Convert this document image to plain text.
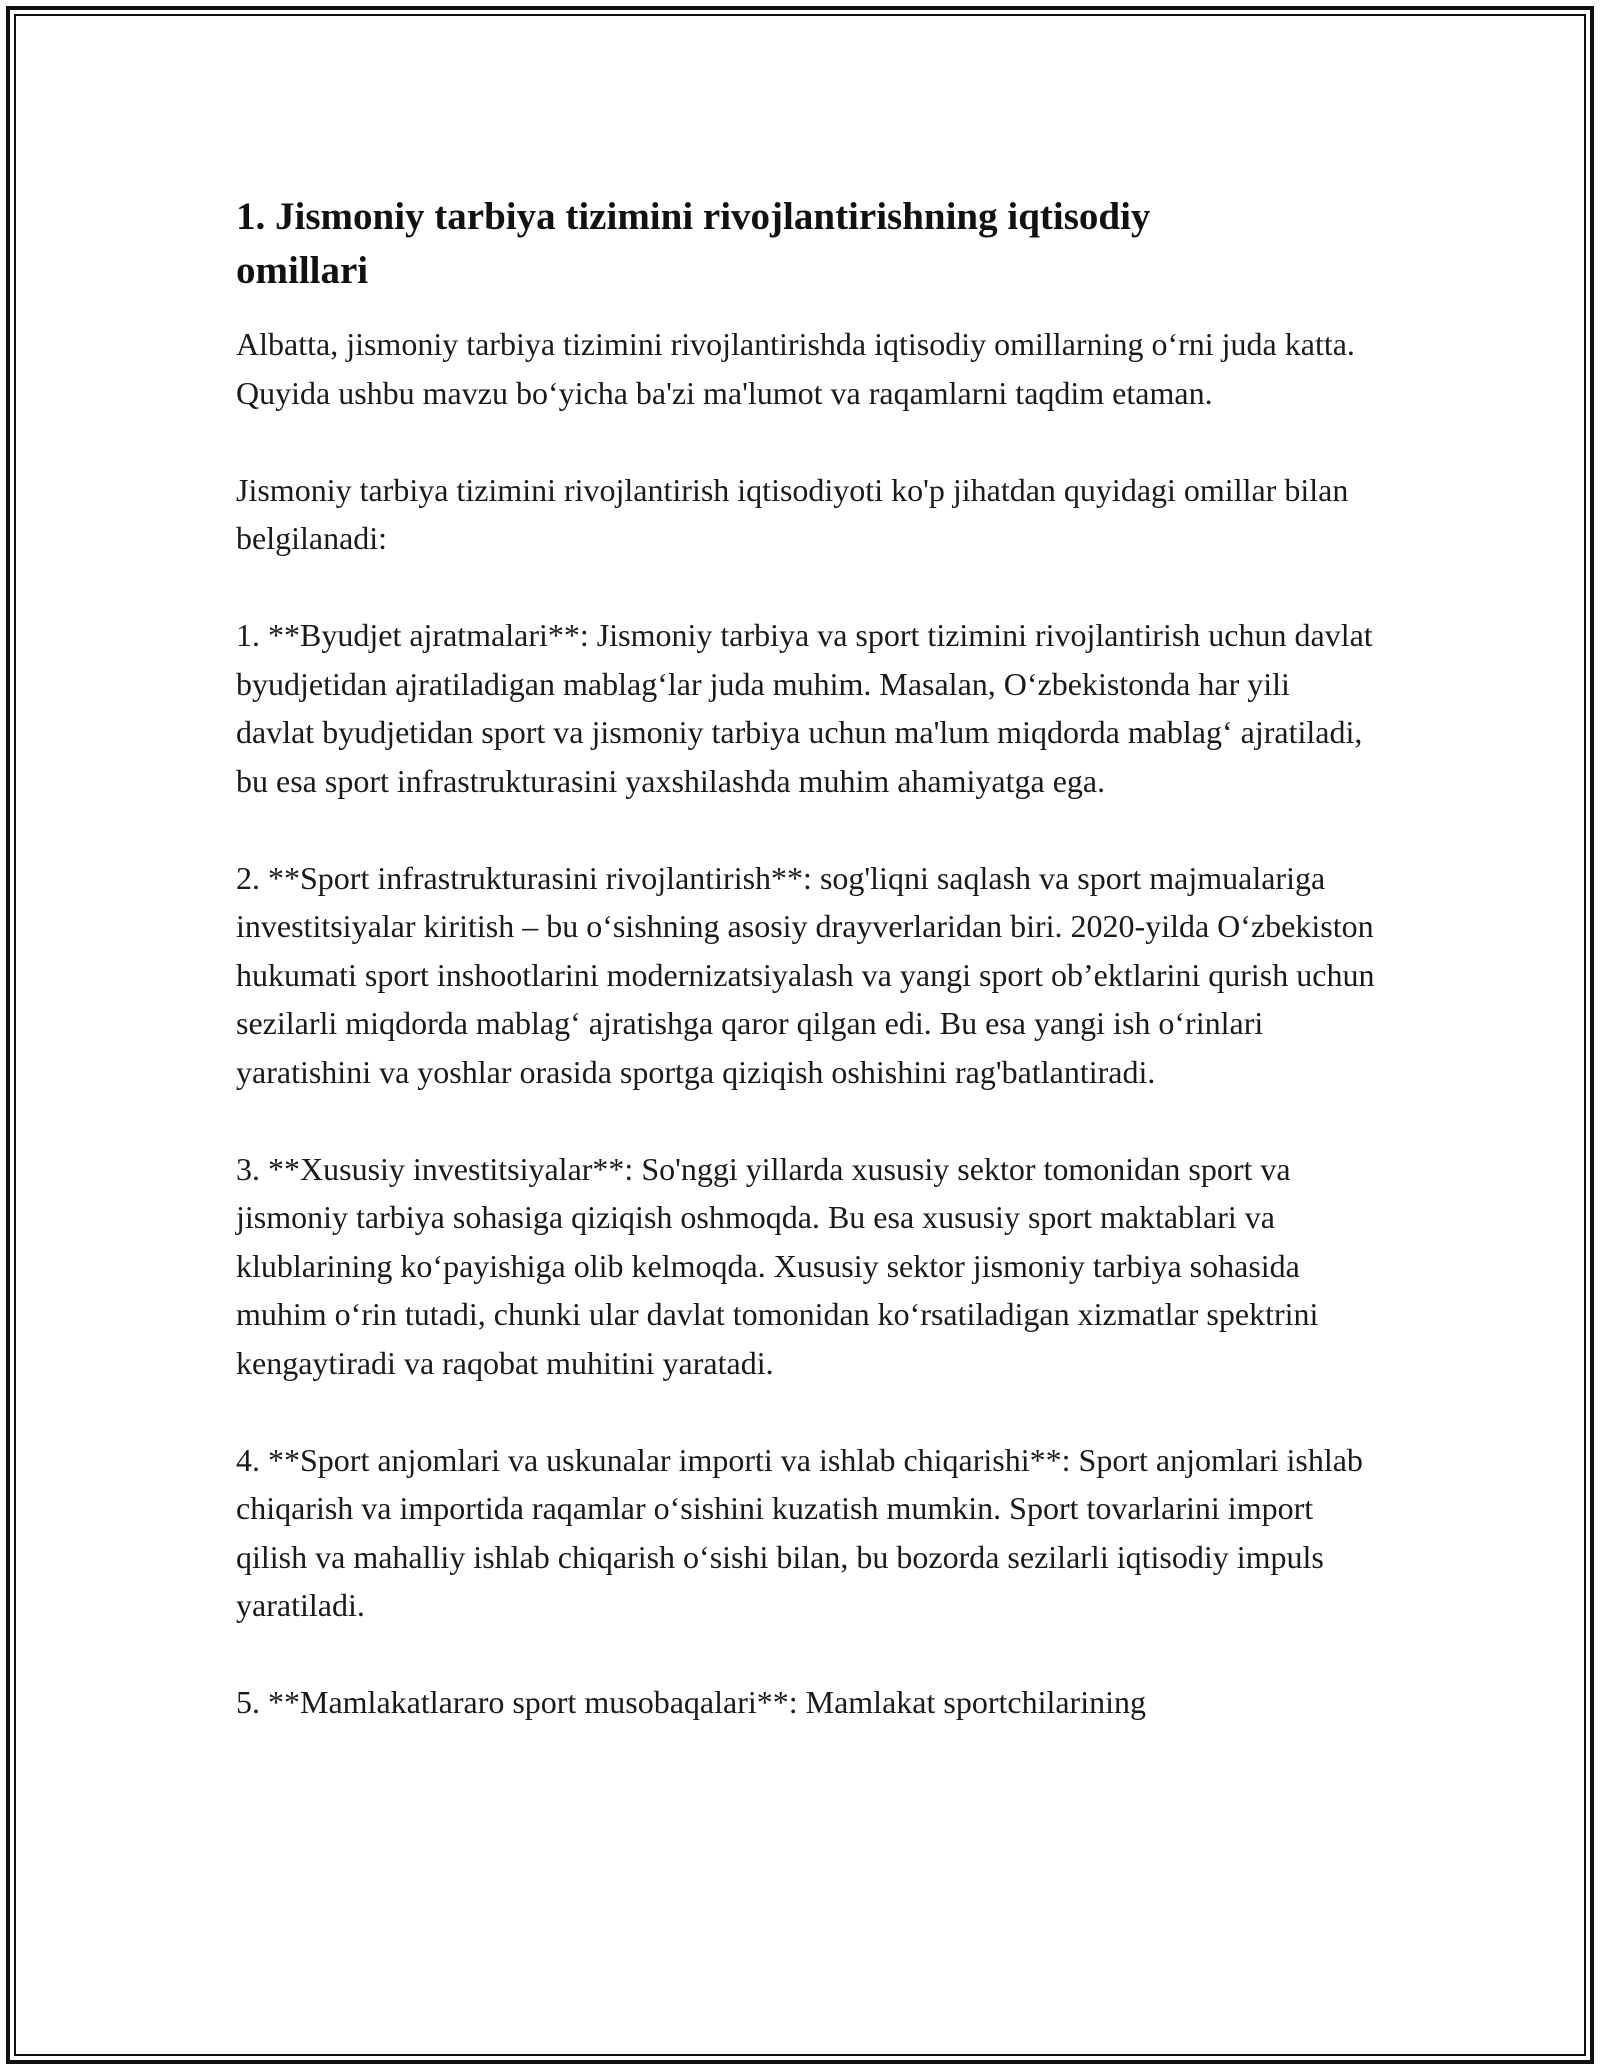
1. Jismoniy tarbiya tizimini rivojlantirishning iqtisodiy omillari

Albatta, jismoniy tarbiya tizimini rivojlantirishda iqtisodiy omillarning o‘rni juda katta. Quyida ushbu mavzu bo‘yicha ba'zi ma'lumot va raqamlarni taqdim etaman.

Jismoniy tarbiya tizimini rivojlantirish iqtisodiyoti ko'p jihatdan quyidagi omillar bilan belgilanadi:

1. **Byudjet ajratmalari**: Jismoniy tarbiya va sport tizimini rivojlantirish uchun davlat byudjetidan ajratiladigan mablag‘lar juda muhim. Masalan, O‘zbekistonda har yili davlat byudjetidan sport va jismoniy tarbiya uchun ma'lum miqdorda mablag‘ ajratiladi, bu esa sport infrastrukturasini yaxshilashda muhim ahamiyatga ega.

2. **Sport infrastrukturasini rivojlantirish**: sog'liqni saqlash va sport majmualariga investitsiyalar kiritish – bu o‘sishning asosiy drayverlaridan biri. 2020-yilda O‘zbekiston hukumati sport inshootlarini modernizatsiyalash va yangi sport ob’ektlarini qurish uchun sezilarli miqdorda mablag‘ ajratishga qaror qilgan edi. Bu esa yangi ish o‘rinlari yaratishini va yoshlar orasida sportga qiziqish oshishini rag'batlantiradi.

3. **Xususiy investitsiyalar**: So'nggi yillarda xususiy sektor tomonidan sport va jismoniy tarbiya sohasiga qiziqish oshmoqda. Bu esa xususiy sport maktablari va klublarining ko‘payishiga olib kelmoqda. Xususiy sektor jismoniy tarbiya sohasida muhim o‘rin tutadi, chunki ular davlat tomonidan ko‘rsatiladigan xizmatlar spektrini kengaytiradi va raqobat muhitini yaratadi.

4. **Sport anjomlari va uskunalar importi va ishlab chiqarishi**: Sport anjomlari ishlab chiqarish va importida raqamlar o‘sishini kuzatish mumkin. Sport tovarlarini import qilish va mahalliy ishlab chiqarish o‘sishi bilan, bu bozorda sezilarli iqtisodiy impuls yaratiladi.

5. **Mamlakatlararo sport musobaqalari**: Mamlakat sportchilarining
